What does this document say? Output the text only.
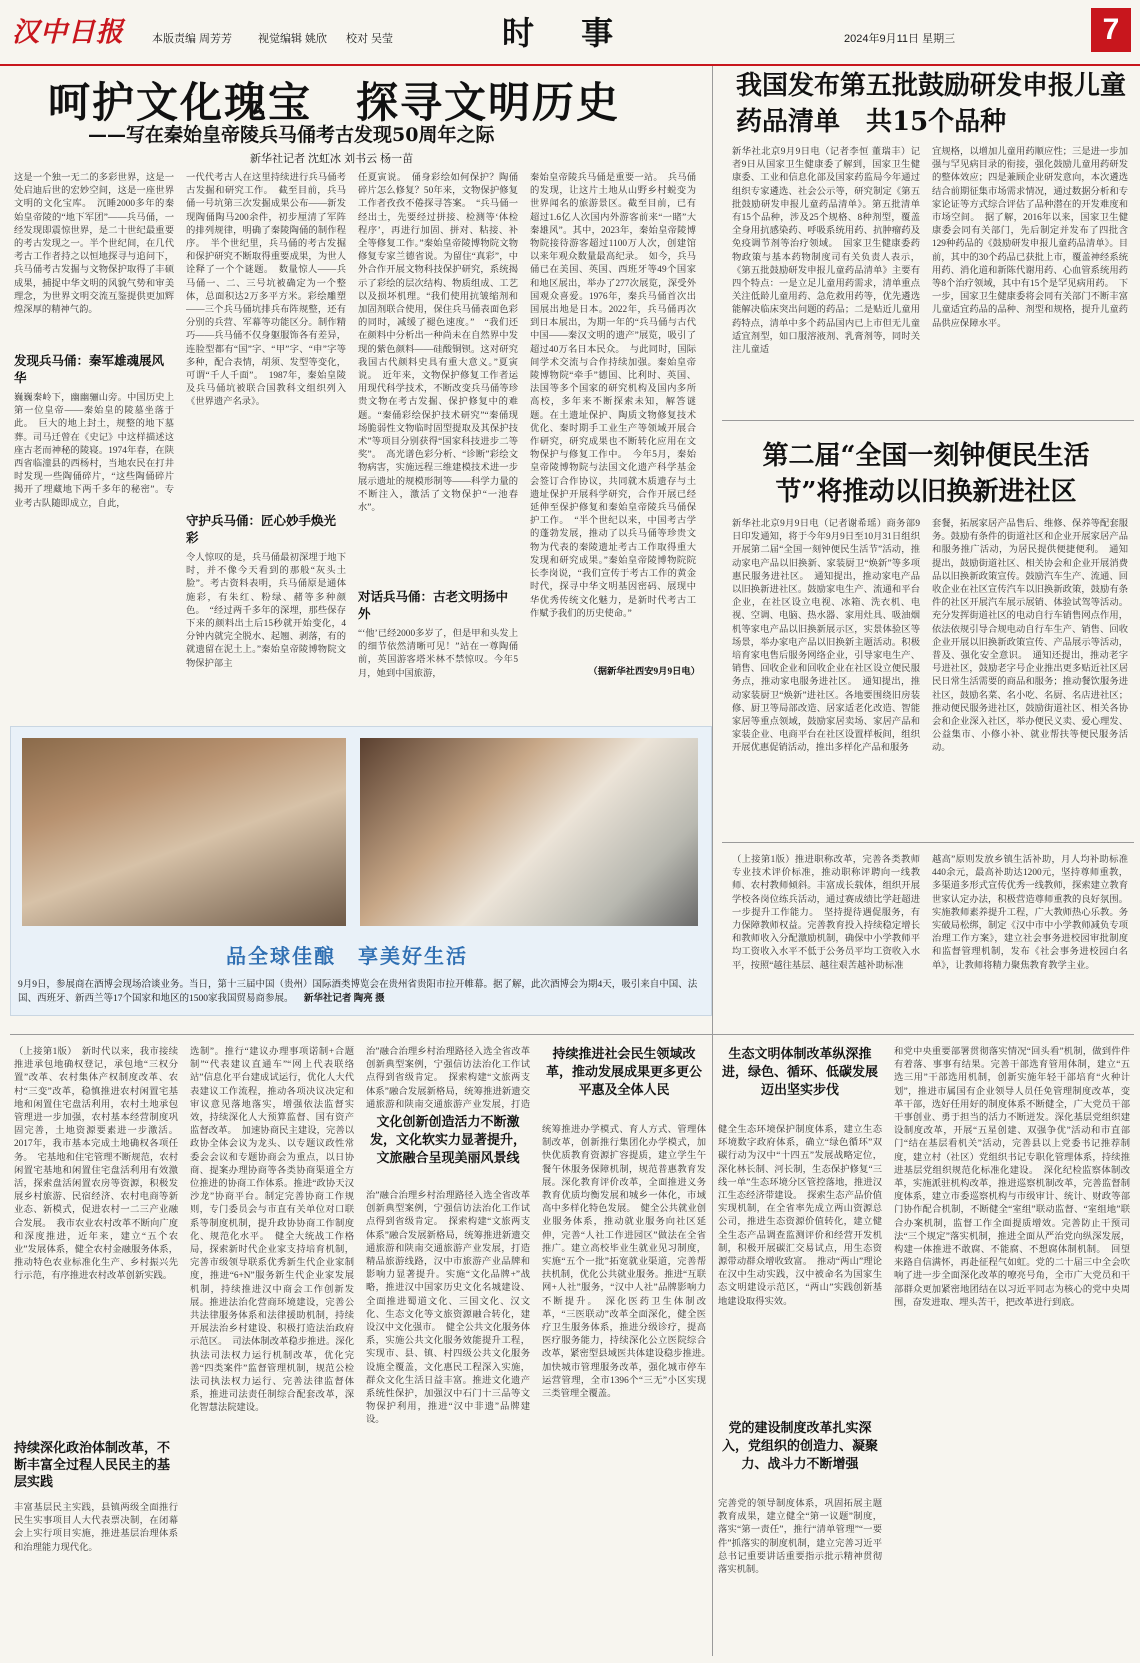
汉中日报	本版责编 周芳芳 视觉编辑 姚欣 校对 吴莹	时 事	2024年9月11日 星期三	7
呵护文化瑰宝　探寻文明历史
——写在秦始皇帝陵兵马俑考古发现50周年之际
新华社记者 沈虹冰 刘书云 杨一苗
这是一个独一无二的多彩世界，这是一处启迪后世的宏妙空间，这是一座世界文明的文化宝库。　沉睡2000多年的秦始皇帝陵的“地下军团”——兵马俑，一经发现即震惊世界，是二十世纪最重要的考古发现之一。半个世纪间，在几代考古工作者持之以恒地探寻与追问下，兵马俑考古发掘与文物保护取得了丰硕成果，捕捉中华文明的风貌气势和审美理念，为世界文明交流互鉴提供更加辉煌深厚的精神气韵。
发现兵马俑：秦军雄魂展风华
巍巍秦岭下，幽幽骊山旁。中国历史上第一位皇帝——秦始皇的陵墓坐落于此。　巨大的地上封土，规整的地下墓葬。司马迁曾在《史记》中这样描述这座古老而神秘的陵寝。1974年春，在陕西省临潼县的西杨村，当地农民在打井时发现一些陶俑碎片，“这些陶俑碎片揭开了埋藏地下两千多年的秘密”。专业考古队随即成立，自此，
一代代考古人在这里持续进行兵马俑考古发掘和研究工作。　截至目前，兵马俑一号坑第三次发掘成果公布——新发现陶俑陶马200余件，初步厘清了军阵的排列规律，明确了秦陵陶俑的制作程序。　半个世纪里，兵马俑的考古发掘和保护研究不断取得重要成果，为世人诠释了一个个谜题。　数量惊人——兵马俑一、二、三号坑被确定为一个整体，总面积达2万多平方米。彩绘雕塑——三个兵马俑坑排兵布阵规整，还有分别的兵营、军幕等功能区分。制作精巧——兵马俑不仅身躯服饰各有差异，连脸型都有“国”字、“甲”字、“申”字等多种，配合表情，胡须、发型等变化，可谓“千人千面”。　1987年，秦始皇陵及兵马俑坑被联合国教科文组织列入《世界遗产名录》。
守护兵马俑：匠心妙手焕光彩
令人惊叹的是，兵马俑最初深埋于地下时，并不像今天看到的那般“灰头土脸”。考古资料表明，兵马俑原是通体施彩，有朱红、粉绿、赭等多种颜色。　“经过两千多年的深埋，那些保存下来的颜料出土后15秒就开始变化，4分钟内就完全脱水、起翘、剥落，有的就遗留在泥土上。”秦始皇帝陵博物院文物保护部主
任夏寅说。　俑身彩绘如何保护？陶俑碎片怎么修复？50年来，文物保护修复工作者孜孜不倦探寻答案。　“兵马俑一经出土，先要经过拼接、检测等‘体检程序’，再进行加固、拼对、粘接、补全等修复工作。”秦始皇帝陵博物院文物修复专家兰德省说。为留住“真彩”，中外合作开展文物科技保护研究，系统揭示了彩绘的层次结构、物质组成、工艺以及损坏机理。“我们使用抗皱缩剂和加固剂联合使用，保住兵马俑表面色彩的同时，减缓了褪色速度。”　“我们还在颜料中分析出一种尚未在自然界中发现的紫色颜料——硅酸铜钡。这对研究我国古代颜料史具有重大意义。”夏寅说。　近年来，文物保护修复工作者运用现代科学技术，不断改变兵马俑等珍贵文物在考古发掘、保护修复中的难题。“秦俑彩绘保护技术研究”“秦俑现场脆弱性文物临时固型提取及其保护技术”等项目分别获得“国家科技进步二等奖”。　高光谱色彩分析、“诊断”彩绘文物病害，实施远程三维建模技术进一步展示遗址的规模形制等——科学力量的不断注入，激活了文物保护“一池春水”。
对话兵马俑：古老文明扬中外
“‘他’已经2000多岁了，但是甲和头发上的细节依然清晰可见！”站在一尊陶俑前，英国游客塔米林不禁惊叹。今年5月，她到中国旅游，
秦始皇帝陵兵马俑是重要一站。　兵马俑的发现，让这片土地从山野乡村蜕变为世界闻名的旅游景区。截至目前，已有超过1.6亿人次国内外游客前来“一睹”大秦雄风”。其中，2023年，秦始皇帝陵博物院接待游客超过1100万人次，创建馆以来年观众数量最高纪录。　如今，兵马俑已在美国、英国、西班牙等49个国家和地区展出，举办了277次展览，深受外国观众喜爱。1976年，秦兵马俑首次出国展出地是日本。2022年，兵马俑再次到日本展出，为期一年的“兵马俑与古代中国——秦汉文明的遗产”展览，吸引了超过40万名日本民众。　与此同时，国际间学术交流与合作持续加强。秦始皇帝陵博物院“牵手”德国、比利时、英国、法国等多个国家的研究机构及国内多所高校，多年来不断探索未知，解答谜题。在土遗址保护、陶质文物修复技术优化、秦时期手工业生产等领域开展合作研究，研究成果也不断转化应用在文物保护与修复工作中。　今年5月，秦始皇帝陵博物院与法国文化遗产科学基金会签订合作协议，共同就木质遗存与土遗址保护开展科学研究，合作开展已经延伸至保护修复和秦始皇帝陵兵马俑保护工作。　“半个世纪以来，中国考古学的蓬勃发展，推动了以兵马俑等珍贵文物为代表的秦陵遗址考古工作取得重大发现和研究成果。”秦始皇帝陵博物院院长李岗说，“我们宣传于考古工作的黄金时代，探寻中华文明基因密码、展现中华优秀传统文化魅力，是新时代考古工作赋予我们的历史使命。”
（据新华社西安9月9日电）
我国发布第五批鼓励研发申报儿童药品清单　共15个品种
新华社北京9月9日电（记者李恒 董瑞丰）记者9日从国家卫生健康委了解到，国家卫生健康委、工业和信息化部及国家药监局今年通过组织专家遴选、社会公示等，研究制定《第五批鼓励研发申报儿童药品清单》。第五批清单有15个品种，涉及25个规格、8种剂型，覆盖全身用抗感染药、呼吸系统用药、抗肿瘤药及免疫调节剂等治疗领域。　国家卫生健康委药物政策与基本药物制度司有关负责人表示，《第五批鼓励研发申报儿童药品清单》主要有四个特点：一是立足儿童用药需求，清单重点关注低龄儿童用药、急危救用药等，优先遴选能解决临床突出问题的药品；二是贴近儿童用药特点，清单中多个药品国内已上市但无儿童适宜剂型，如口服溶液剂、乳膏剂等，同时关注儿童适
宜规格，以增加儿童用药顺应性；三是进一步加强与罕见病目录的衔接，强化鼓励儿童用药研发的整体效应；四是兼顾企业研发意向，本次遴选结合前期征集市场需求情况，通过数据分析和专家论证等方式综合评估了品种潜在的开发难度和市场空间。　据了解，2016年以来，国家卫生健康委会同有关部门，先后制定并发布了四批含129种药品的《鼓励研发申报儿童药品清单》。目前，其中的30个药品已获批上市，覆盖神经系统用药、消化道和新陈代谢用药、心血管系统用药等8个治疗领域，其中有15个是罕见病用药。　下一步，国家卫生健康委将会同有关部门不断丰富儿童适宜药品的品种、剂型和规格，提升儿童药品供应保障水平。
第二届“全国一刻钟便民生活节”将推动以旧换新进社区
新华社北京9月9日电（记者谢希瑶）商务部9日印发通知，将于今年9月9日至10月31日组织开展第二届“全国一刻钟便民生活节”活动，推动家电产品以旧换新、家装厨卫“焕新”等多项惠民服务进社区。　通知提出，推动家电产品以旧换新进社区。鼓励家电生产、流通和平台企业，在社区设立电视、冰箱、洗衣机、电视、空调、电脑、热水器、家用灶具、吸油烟机等家电产品以旧换新展示区，实景体验区等场景，举办家电产品以旧换新主题活动。积极培育家电售后服务网络企业，引导家电生产、销售、回收企业和回收企业在社区设立便民服务点，推动家电服务进社区。　通知提出，推动家装厨卫“焕新”进社区。各地要围绕旧房装修、厨卫等局部改造、居家适老化改造、智能家居等重点领域，鼓励家居卖场、家居产品和家装企业、电商平台在社区设置样板间，组织开展优惠促销活动，推出多样化产品和服务
套餐，拓展家居产品售后、维修、保养等配套服务。鼓励有条件的街道社区和企业开展家居产品和服务推广活动，为居民提供便捷便利。　通知提出，鼓励街道社区、相关协会和企业开展消费品以旧换新政策宣传。鼓励汽车生产、流通、回收企业在社区宣传汽车以旧换新政策，鼓励有条件的社区开展汽车展示展销、体验试驾等活动。充分发挥街道社区的电动自行车销售网点作用，依法依规引导合规电动自行车生产、销售、回收企业开展以旧换新政策宣传、产品展示等活动，普及、强化安全意识。　通知还提出，推动老字号进社区，鼓励老字号企业推出更多贴近社区居民日常生活需要的商品和服务；推动餐饮服务进社区，鼓励名菜、名小吃、名厨、名店进社区；推动便民服务进社区，鼓励街道社区、相关各协会和企业深入社区，举办便民义卖、爱心理发、公益集市、小修小补、就业帮扶等便民服务活动。
（上接第1版）推进职称改革，完善各类教师专业技术评价标准，推动职称评聘向一线教师、农村教师倾斜。丰富成长载体，组织开展学校各岗位练兵活动，通过赛成绩比学赶超进一步提升工作能力。　坚持提待遇促服务，有力保障教师权益。完善教育投入持续稳定增长和教师收入分配激励机制，确保中小学教师平均工资收入水平不低于公务员平均工资收入水平，按照“越往基层、越往艰苦越补助标准
越高”原则发放乡镇生活补助，月人均补助标准440余元，最高补助达1200元，坚持尊师重教，多渠道多形式宣传优秀一线教师，探索建立教育世家认定办法，积极营造尊师重教的良好氛围。实施教师素养提升工程，广大教师热心乐教。务实破局松绑，制定《汉中市中小学教师减负专项治理工作方案》，建立社会事务进校园审批制度和监督管理机制，发布《社会事务进校园白名单》，让教师将精力聚焦教育教学主业。
品全球佳酿　享美好生活
9月9日，参展商在酒博会现场洽谈业务。当日，第十三届中国（贵州）国际酒类博览会在贵州省贵阳市拉开帷幕。据了解，此次酒博会为期4天，吸引来自中国、法国、西班牙、新西兰等17个国家和地区的1500家我国贸易商参展。 新华社记者 陶亮 摄
（上接第1版）　新时代以来，我市接续推进承包地确权登记，承包地“三权分置”改革、农村集体产权制度改革、农村“三变”改革，稳慎推进农村闲置宅基地和闲置住宅盘活利用，农村土地承包管理进一步加强，农村基本经营制度巩固完善，土地资源要素进一步激活。2017年，我市基本完成土地确权各项任务。　宅基地和住宅管理不断规范，农村闲置宅基地和闲置住宅盘活利用有效激活，探索盘活闲置农房等资源，积极发展乡村旅游、民宿经济、农村电商等新业态、新模式，促进农村一二三产业融合发展。　我市农业农村改革不断向广度和深度推进，近年来，建立“五个农业”发展体系，健全农村金融服务体系，推动特色农业标准化生产、乡村振兴先行示范，有序推进农村改革创新实践。
持续深化政治体制改革，不断丰富全过程人民民主的基层实践
丰富基层民主实践，县镇两级全面推行民生实事项目人大代表票决制，在闭幕会上实行项目实施，推进基层治理体系和治理能力现代化。
选制”。推行“建议办理事项诺制+合题制”“代表建议直通车”“网上代表联络站”信息化平台建成试运行，优化人大代表建议工作流程，推动各项决议决定和审议意见落地落实，增强依法监督实效，持续深化人大预算监督、国有资产监督改革。　加速协商民主建设，完善以政协全体会议为龙头、以专题议政性常委会会议和专题协商会为重点，以日协商、提案办理协商等各类协商渠道全方位推进的协商工作体系。推进“政协天汉沙龙”协商平台。制定完善协商工作规则，专门委员会与市直有关单位对口联系等制度机制，提升政协协商工作制度化、规范化水平。　健全大统战工作格局，探索新时代企业家支持培育机制，完善市级领导联系优秀新生代企业家制度，推进“6+N”服务新生代企业家发展机制，持续推进汉中商会工作创新发展。推进法治化营商环境建设，完善公共法律服务体系和法律援助机制，持续开展法治乡村建设、积极打造法治政府示范区。　司法体制改革稳步推进。深化执法司法权力运行机制改革，优化完善“四类案件”监督管理机制，规范公检法司执法权力运行、完善法律监督体系，推进司法责任制综合配套改革，深化智慧法院建设。
治”融合治理乡村治理路径入选全省改革创新典型案例，宁强信访法治化工作试点得到省级肯定。　探索构建“文旅两支体系”融合发展新格局，统筹推进新遗交通旅游和陕南交通旅游产业发展，打造　
文化创新创造活力不断激发，文化软实力显著提升，文旅融合呈现美丽风景线
治”融合治理乡村治理路径入选全省改革创新典型案例，宁强信访法治化工作试点得到省级肯定。　探索构建“文旅两支体系”融合发展新格局，统筹推进新遗交通旅游和陕南交通旅游产业发展，打造精品旅游线路，汉中市旅游产业品牌和影响力显著提升。实施“文化品牌+”战略，推进汉中国家历史文化名城建设、全面推进蜀道文化、三国文化、汉文化、生态文化等文旅资源融合转化，建设汉中文化强市。　健全公共文化服务体系，实施公共文化服务效能提升工程，实现市、县、镇、村四级公共文化服务设施全覆盖，文化惠民工程深入实施，群众文化生活日益丰富。推进文化遗产系统性保护，加强汉中石门十三品等文物保护利用，推进“汉中非遗”品牌建设。
持续推进社会民生领域改革，推动发展成果更多更公平惠及全体人民
统筹推进办学模式、育人方式、管理体制改革，创新推行集团化办学模式，加快优质教育资源扩容提质，建立学生午餐午休服务保障机制，规范普惠教育发展。深化教育评价改革，全面推进义务教育优质均衡发展和城乡一体化，市域高中多样化特色发展。　健全公共就业创业服务体系，推动就业服务向社区延伸，完善“人社工作进园区”做法在全省推广。建立高校毕业生就业见习制度，实施“五个一批”拓宽就业渠道，完善帮扶机制，优化公共就业服务。推进“互联网+人社”服务，“汉中人社”品牌影响力不断提升。　深化医药卫生体制改革，“三医联动”改革全面深化，健全医疗卫生服务体系，推进分级诊疗，提高医疗服务能力，持续深化公立医院综合改革，紧密型县域医共体建设稳步推进。　加快城市管理服务改革，强化城市停车运营管理，全市1396个“三无”小区实现三类管理全覆盖。
生态文明体制改革纵深推进，绿色、循环、低碳发展迈出坚实步伐
健全生态环境保护制度体系，建立生态环境数字政府体系，确立“绿色循环”双碳行动为汉中“十四五”发展战略定位，深化林长制、河长制，生态保护修复“三线一单”生态环境分区管控落地，推进汉江生态经济带建设。　探索生态产品价值实现机制，在全省率先成立两山资源总公司，推进生态资源价值转化，建立健全生态产品调查监测评价和经营开发机制，积极开展碳汇交易试点，用生态资源带动群众增收致富。　推动“两山”理论在汉中生动实践，汉中被命名为国家生态文明建设示范区，“两山”实践创新基地建设取得实效。
党的建设制度改革扎实深入，党组织的创造力、凝聚力、战斗力不断增强
完善党的领导制度体系，巩固拓展主题教育成果，建立健全“第一议题”制度，落实“第一责任”，推行“清单管理”“一要件”抓落实的制度机制，建立完善习近平总书记重要讲话重要指示批示精神贯彻落实机制。
和党中央重要部署贯彻落实情况“回头看”机制，做到件件有着落、事事有结果。完善干部选育管用体制，建立“五选三用”干部选用机制，创新实施年轻干部培育“火种计划”，推进市属国有企业领导人员任免管理制度改革，变革干部，选好任用好的制度体系不断健全，广大党员干部干事创业、勇于担当的活力不断迸发。深化基层党组织建设制度改革，开展“五星创建、双强争优”活动和市直部门“结在基层看机关”活动，完善县以上党委书记推荐制度，建立村（社区）党组织书记专职化管理体系，持续推进基层党组织规范化标准化建设。　深化纪检监察体制改革，实施派驻机构改革，推进巡察机制改革，完善监督制度体系，建立市委巡察机构与市级审计、统计、财政等部门协作配合机制，不断健全“室组”联动监督、“室组地”联合办案机制，监督工作全面提质增效。完善防止干预司法“三个规定”落实机制，推进全面从严治党向纵深发展，构建一体推进不敢腐、不能腐、不想腐体制机制。　回望来路自信满怀，再赴征程气如虹。党的二十届三中全会吹响了进一步全面深化改革的嘹亮号角，全市广大党员和干部群众更加紧密地团结在以习近平同志为核心的党中央周围，奋发进取、埋头苦干，把改革进行到底。
